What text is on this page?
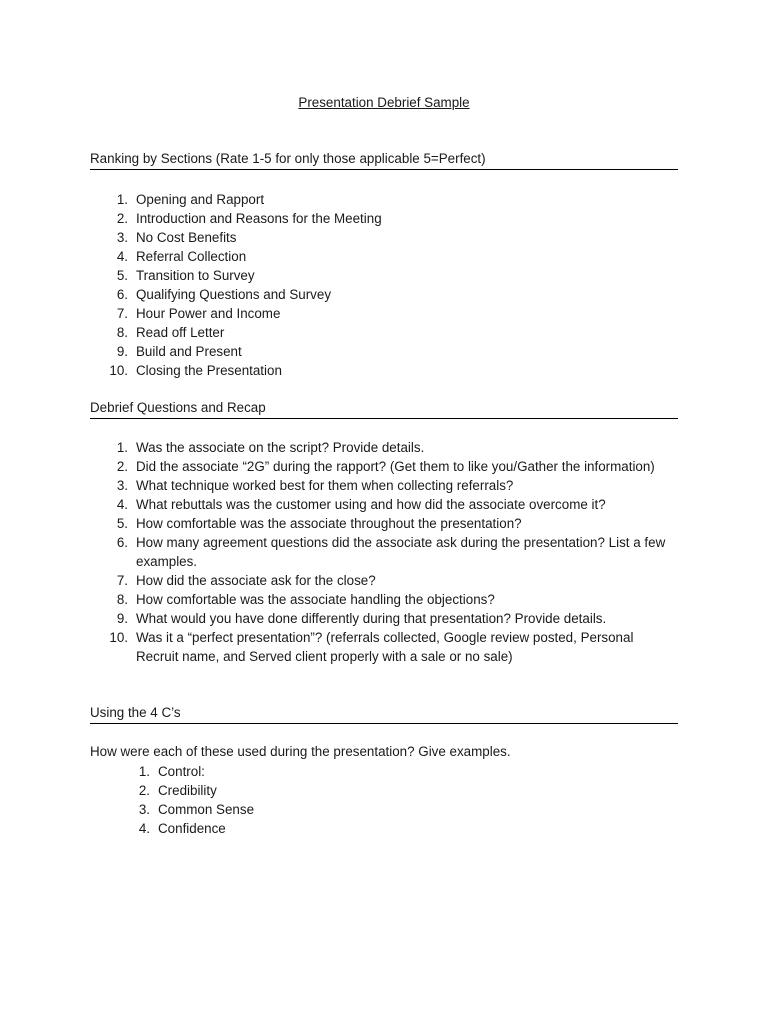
Presentation Debrief Sample
Ranking by Sections (Rate 1-5 for only those applicable 5=Perfect)
1. Opening and Rapport
2. Introduction and Reasons for the Meeting
3. No Cost Benefits
4. Referral Collection
5. Transition to Survey
6. Qualifying Questions and Survey
7. Hour Power and Income
8. Read off Letter
9. Build and Present
10. Closing the Presentation
Debrief Questions and Recap
1. Was the associate on the script? Provide details.
2. Did the associate “2G” during the rapport? (Get them to like you/Gather the information)
3. What technique worked best for them when collecting referrals?
4. What rebuttals was the customer using and how did the associate overcome it?
5. How comfortable was the associate throughout the presentation?
6. How many agreement questions did the associate ask during the presentation? List a few examples.
7. How did the associate ask for the close?
8. How comfortable was the associate handling the objections?
9. What would you have done differently during that presentation? Provide details.
10. Was it a “perfect presentation”? (referrals collected, Google review posted, Personal Recruit name, and Served client properly with a sale or no sale)
Using the 4 C’s
How were each of these used during the presentation? Give examples.
1. Control:
2. Credibility
3. Common Sense
4. Confidence
